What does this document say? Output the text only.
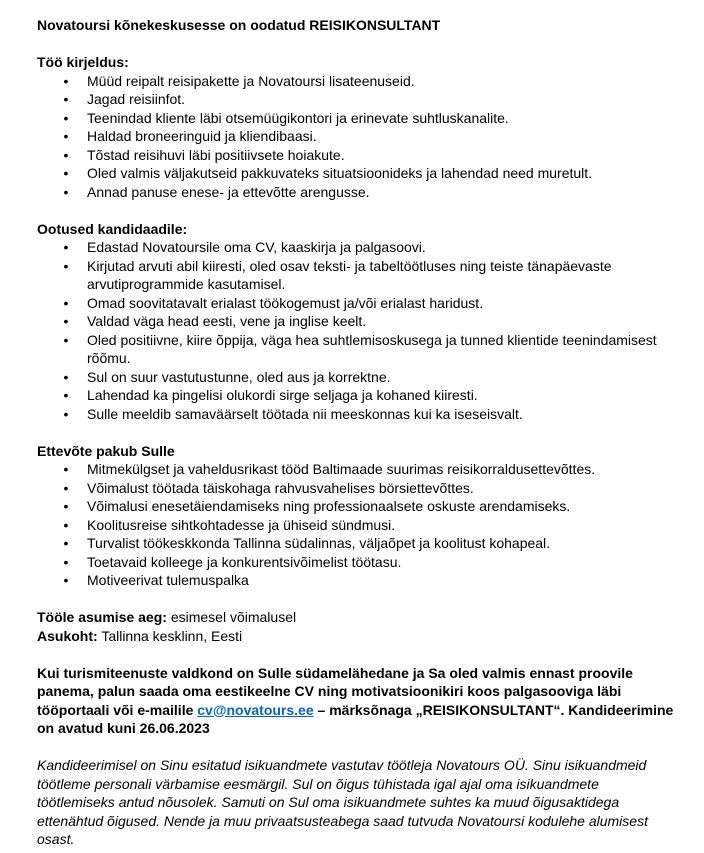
Novatoursi kõnekeskusesse on oodatud REISIKONSULTANT

Töö kirjeldus:

• Müüd reipalt reisipakette ja Novatoursi lisateenuseid.
• Jagad reisiinfot.
• Teenindad kliente läbi otsemüügikontori ja erinevate suhtluskanalite.
• Haldad broneeringuid ja kliendibaasi.
• Tõstad reisihuvi läbi positiivsete hoiakute.
• Oled valmis väljakutseid pakkuvateks situatsioonideks ja lahendad need muretult.
• Annad panuse enese- ja ettevõtte arengusse.

Ootused kandidaadile:

• Edastad Novatoursile oma CV, kaaskirja ja palgasoovi.
• Kirjutad arvuti abil kiiresti, oled osav teksti- ja tabeltöötluses ning teiste tänapäevaste arvutiprogrammide kasutamisel.
• Omad soovitatavalt erialast töökogemust ja/või erialast haridust.
• Valdad väga head eesti, vene ja inglise keelt.
• Oled positiivne, kiire õppija, väga hea suhtlemisoskusega ja tunned klientide teenindamisest rõõmu.
• Sul on suur vastutustunne, oled aus ja korrektne.
• Lahendad ka pingelisi olukordi sirge seljaga ja kohaned kiiresti.
• Sulle meeldib samaväärselt töötada nii meeskonnas kui ka iseseisvalt.

Ettevõte pakub Sulle

• Mitmekülgset ja vaheldusrikast tööd Baltimaade suurimas reisikorraldusettevõttes.
• Võimalust töötada täiskohaga rahvusvahelises börsiettevõttes.
• Võimalusi enesetäiendamiseks ning professionaalsete oskuste arendamiseks.
• Koolitusreise sihtkohtadesse ja ühiseid sündmusi.
• Turvalist töökeskkonda Tallinna südalinnas, väljaõpet ja koolitust kohapeal.
• Toetavaid kolleege ja konkurentsivõimelist töötasu.
• Motiveerivat tulemuspalka

Tööle asumise aeg: esimesel võimalusel

Asukoht: Tallinna kesklinn, Eesti

Kui turismiteenuste valdkond on Sulle südamelähedane ja Sa oled valmis ennast proovile panema, palun saada oma eestikeelne CV ning motivatsioonikiri koos palgasooviga läbi tööportaali või e-mailile cv@novatours.ee – märksõnaga „REISIKONSULTANT“. Kandideerimine on avatud kuni 26.06.2023

Kandideerimisel on Sinu esitatud isikuandmete vastutav töötleja Novatours OÜ. Sinu isikuandmeid töötleme personali värbamise eesmärgil. Sul on õigus tühistada igal ajal oma isikuandmete töötlemiseks antud nõusolek. Samuti on Sul oma isikuandmete suhtes ka muud õigusaktidega ettenähtud õigused. Nende ja muu privaatsusteabega saad tutvuda Novatoursi kodulehe alumisest osast.
